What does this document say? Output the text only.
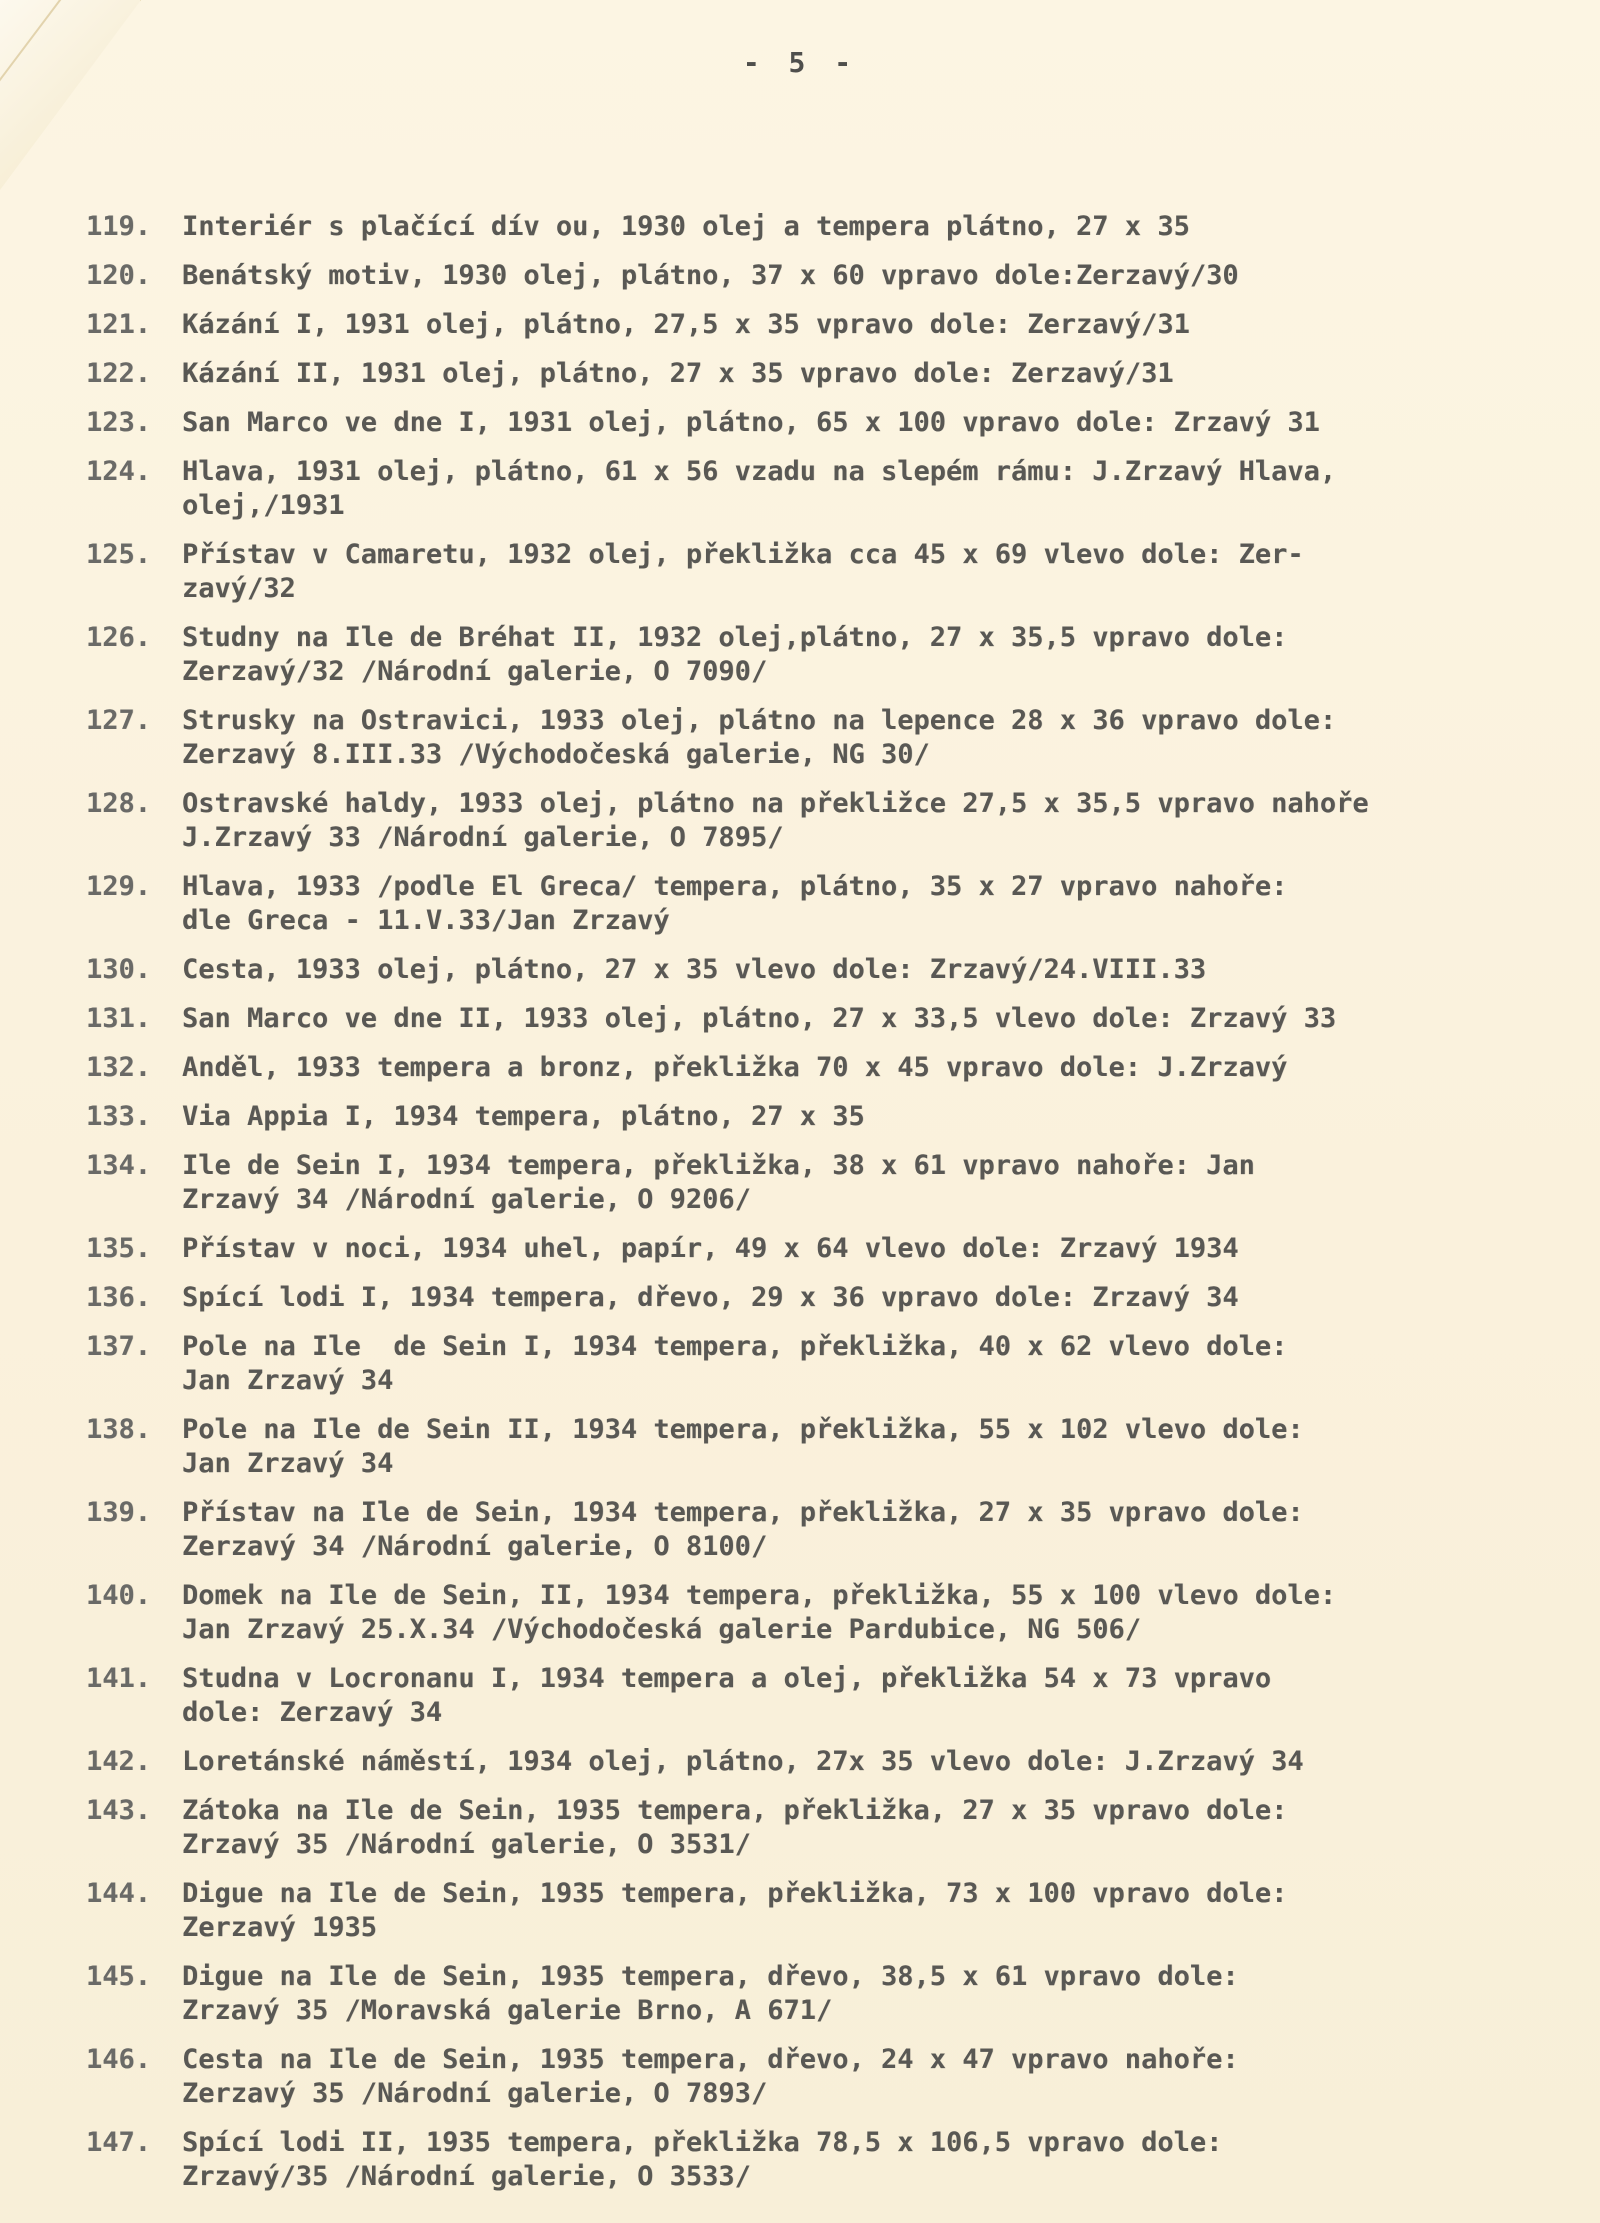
- 5 -
119.	Interiér s plačící dív ou, 1930 olej a tempera plátno, 27 x 35
120.	Benátský motiv, 1930 olej, plátno, 37 x 60 vpravo dole:Zerzavý/30
121.	Kázání I, 1931 olej, plátno, 27,5 x 35 vpravo dole: Zerzavý/31
122.	Kázání II, 1931 olej, plátno, 27 x 35 vpravo dole: Zerzavý/31
123.	San Marco ve dne I, 1931 olej, plátno, 65 x 100 vpravo dole: Zrzavý 31
124.	Hlava, 1931 olej, plátno, 61 x 56 vzadu na slepém rámu: J.Zrzavý Hlava,
olej,/1931
125.	Přístav v Camaretu, 1932 olej, překližka cca 45 x 69 vlevo dole: Zer-
zavý/32
126.	Studny na Ile de Bréhat II, 1932 olej,plátno, 27 x 35,5 vpravo dole:
Zerzavý/32 /Národní galerie, O 7090/
127.	Strusky na Ostravici, 1933 olej, plátno na lepence 28 x 36 vpravo dole:
Zerzavý 8.III.33 /Východočeská galerie, NG 30/
128.	Ostravské haldy, 1933 olej, plátno na překližce 27,5 x 35,5 vpravo nahoře
J.Zrzavý 33 /Národní galerie, O 7895/
129.	Hlava, 1933 /podle El Greca/ tempera, plátno, 35 x 27 vpravo nahoře:
dle Greca - 11.V.33/Jan Zrzavý
130.	Cesta, 1933 olej, plátno, 27 x 35 vlevo dole: Zrzavý/24.VIII.33
131.	San Marco ve dne II, 1933 olej, plátno, 27 x 33,5 vlevo dole: Zrzavý 33
132.	Anděl, 1933 tempera a bronz, překližka 70 x 45 vpravo dole: J.Zrzavý
133.	Via Appia I, 1934 tempera, plátno, 27 x 35
134.	Ile de Sein I, 1934 tempera, překližka, 38 x 61 vpravo nahoře: Jan
Zrzavý 34 /Národní galerie, O 9206/
135.	Přístav v noci, 1934 uhel, papír, 49 x 64 vlevo dole: Zrzavý 1934
136.	Spící lodi I, 1934 tempera, dřevo, 29 x 36 vpravo dole: Zrzavý 34
137.	Pole na Ile  de Sein I, 1934 tempera, překližka, 40 x 62 vlevo dole:
Jan Zrzavý 34
138.	Pole na Ile de Sein II, 1934 tempera, překližka, 55 x 102 vlevo dole:
Jan Zrzavý 34
139.	Přístav na Ile de Sein, 1934 tempera, překližka, 27 x 35 vpravo dole:
Zerzavý 34 /Národní galerie, O 8100/
140.	Domek na Ile de Sein, II, 1934 tempera, překližka, 55 x 100 vlevo dole:
Jan Zrzavý 25.X.34 /Východočeská galerie Pardubice, NG 506/
141.	Studna v Locronanu I, 1934 tempera a olej, překližka 54 x 73 vpravo
dole: Zerzavý 34
142.	Loretánské náměstí, 1934 olej, plátno, 27x 35 vlevo dole: J.Zrzavý 34
143.	Zátoka na Ile de Sein, 1935 tempera, překližka, 27 x 35 vpravo dole:
Zrzavý 35 /Národní galerie, O 3531/
144.	Digue na Ile de Sein, 1935 tempera, překližka, 73 x 100 vpravo dole:
Zerzavý 1935
145.	Digue na Ile de Sein, 1935 tempera, dřevo, 38,5 x 61 vpravo dole:
Zrzavý 35 /Moravská galerie Brno, A 671/
146.	Cesta na Ile de Sein, 1935 tempera, dřevo, 24 x 47 vpravo nahoře:
Zerzavý 35 /Národní galerie, O 7893/
147.	Spící lodi II, 1935 tempera, překližka 78,5 x 106,5 vpravo dole:
Zrzavý/35 /Národní galerie, O 3533/
